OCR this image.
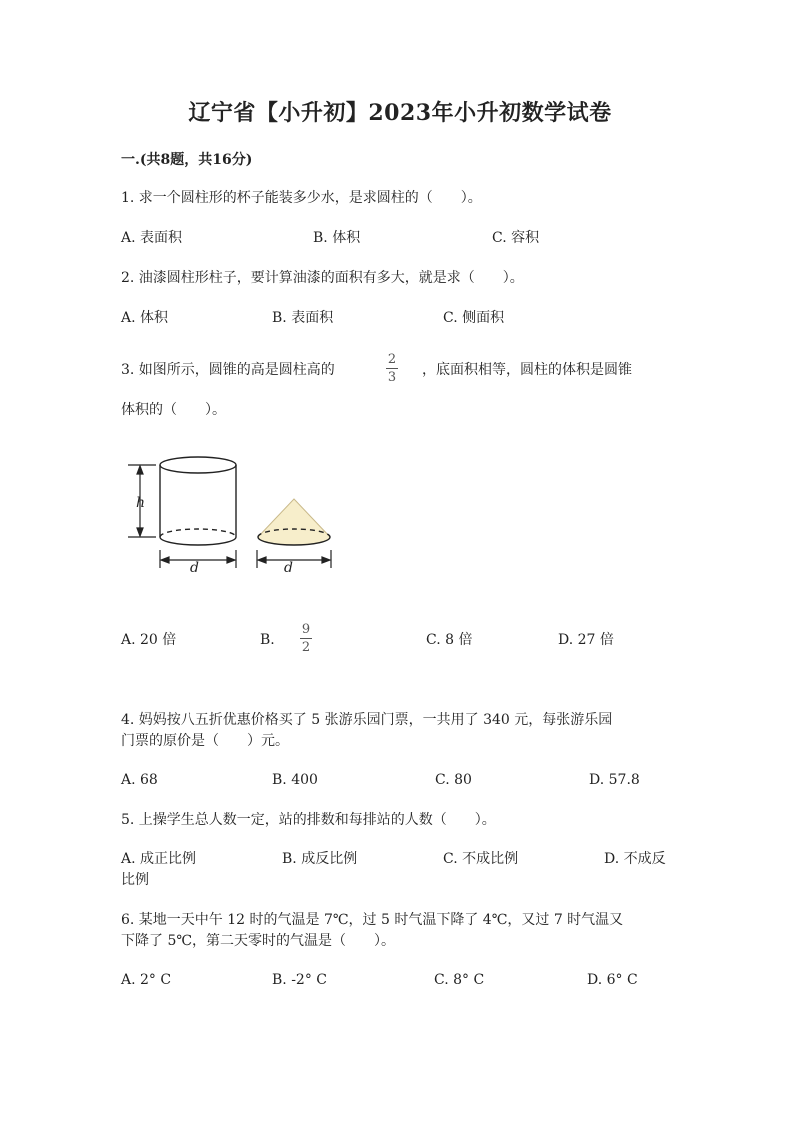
辽宁省【小升初】2023年小升初数学试卷
一.(共8题，共16分)
1. 求一个圆柱形的杯子能装多少水，是求圆柱的（　　）。
A. 表面积	B. 体积	C. 容积
2. 油漆圆柱形柱子，要计算油漆的面积有多大，就是求（　　）。
A. 体积	B. 表面积	C. 侧面积
3. 如图所示，圆锥的高是圆柱高的
2
3 ，底面积相等，圆柱的体积是圆锥
体积的（　　）。
h
d	d
A. 20 倍	B.
9
2	C. 8 倍	D. 27 倍
4. 妈妈按八五折优惠价格买了 5 张游乐园门票，一共用了 340 元，每张游乐园
门票的原价是（　　）元。
A. 68	B. 400	C. 80	D. 57.8
5. 上操学生总人数一定，站的排数和每排站的人数（　　）。
A. 成正比例	B. 成反比例	C. 不成比例	D. 不成反
比例
6. 某地一天中午 12 时的气温是 7℃，过 5 时气温下降了 4℃，又过 7 时气温又
下降了 5℃，第二天零时的气温是（　　）。
A. 2° C	B. -2° C	C. 8° C	D. 6° C
